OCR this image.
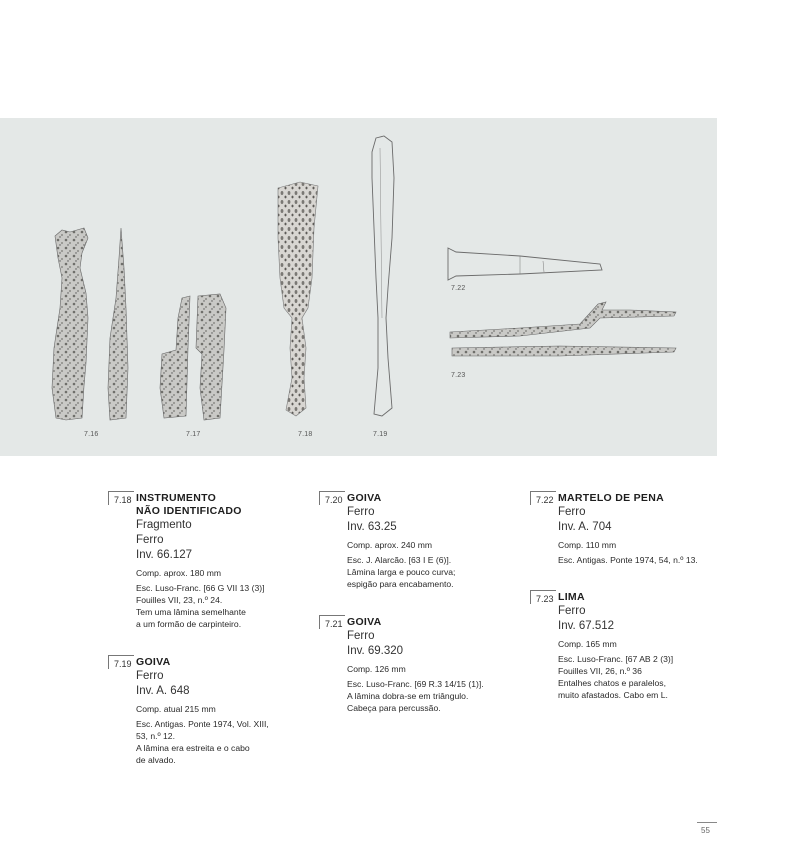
7.16	7.17	7.18	7.19
7.22
7.23
7.18 INSTRUMENTO
NÃO IDENTIFICADO
Fragmento
Ferro
Inv. 66.127
Comp. aprox. 180 mm
Esc. Luso-Franc. [66 G VII 13 (3)]
Fouilles VII, 23, n.º 24.
Tem uma lâmina semelhante
a um formão de carpinteiro.
7.19 GOIVA
Ferro
Inv. A. 648
Comp. atual 215 mm
Esc. Antigas. Ponte 1974, Vol. XIII,
53, n.º 12.
A lâmina era estreita e o cabo
de alvado.
7.20 GOIVA
Ferro
Inv. 63.25
Comp. aprox. 240 mm
Esc. J. Alarcão. [63 I E (6)].
Lâmina larga e pouco curva;
espigão para encabamento.
7.21 GOIVA
Ferro
Inv. 69.320
Comp. 126 mm
Esc. Luso-Franc. [69 R.3 14/15 (1)].
A lâmina dobra-se em triângulo.
Cabeça para percussão.
7.22 MARTELO DE PENA
Ferro
Inv. A. 704
Comp. 110 mm
Esc. Antigas. Ponte 1974, 54, n.º 13.
7.23 LIMA
Ferro
Inv. 67.512
Comp. 165 mm
Esc. Luso-Franc. [67 AB 2 (3)]
Fouilles VII, 26, n.º 36
Entalhes chatos e paralelos,
muito afastados. Cabo em L.
55
